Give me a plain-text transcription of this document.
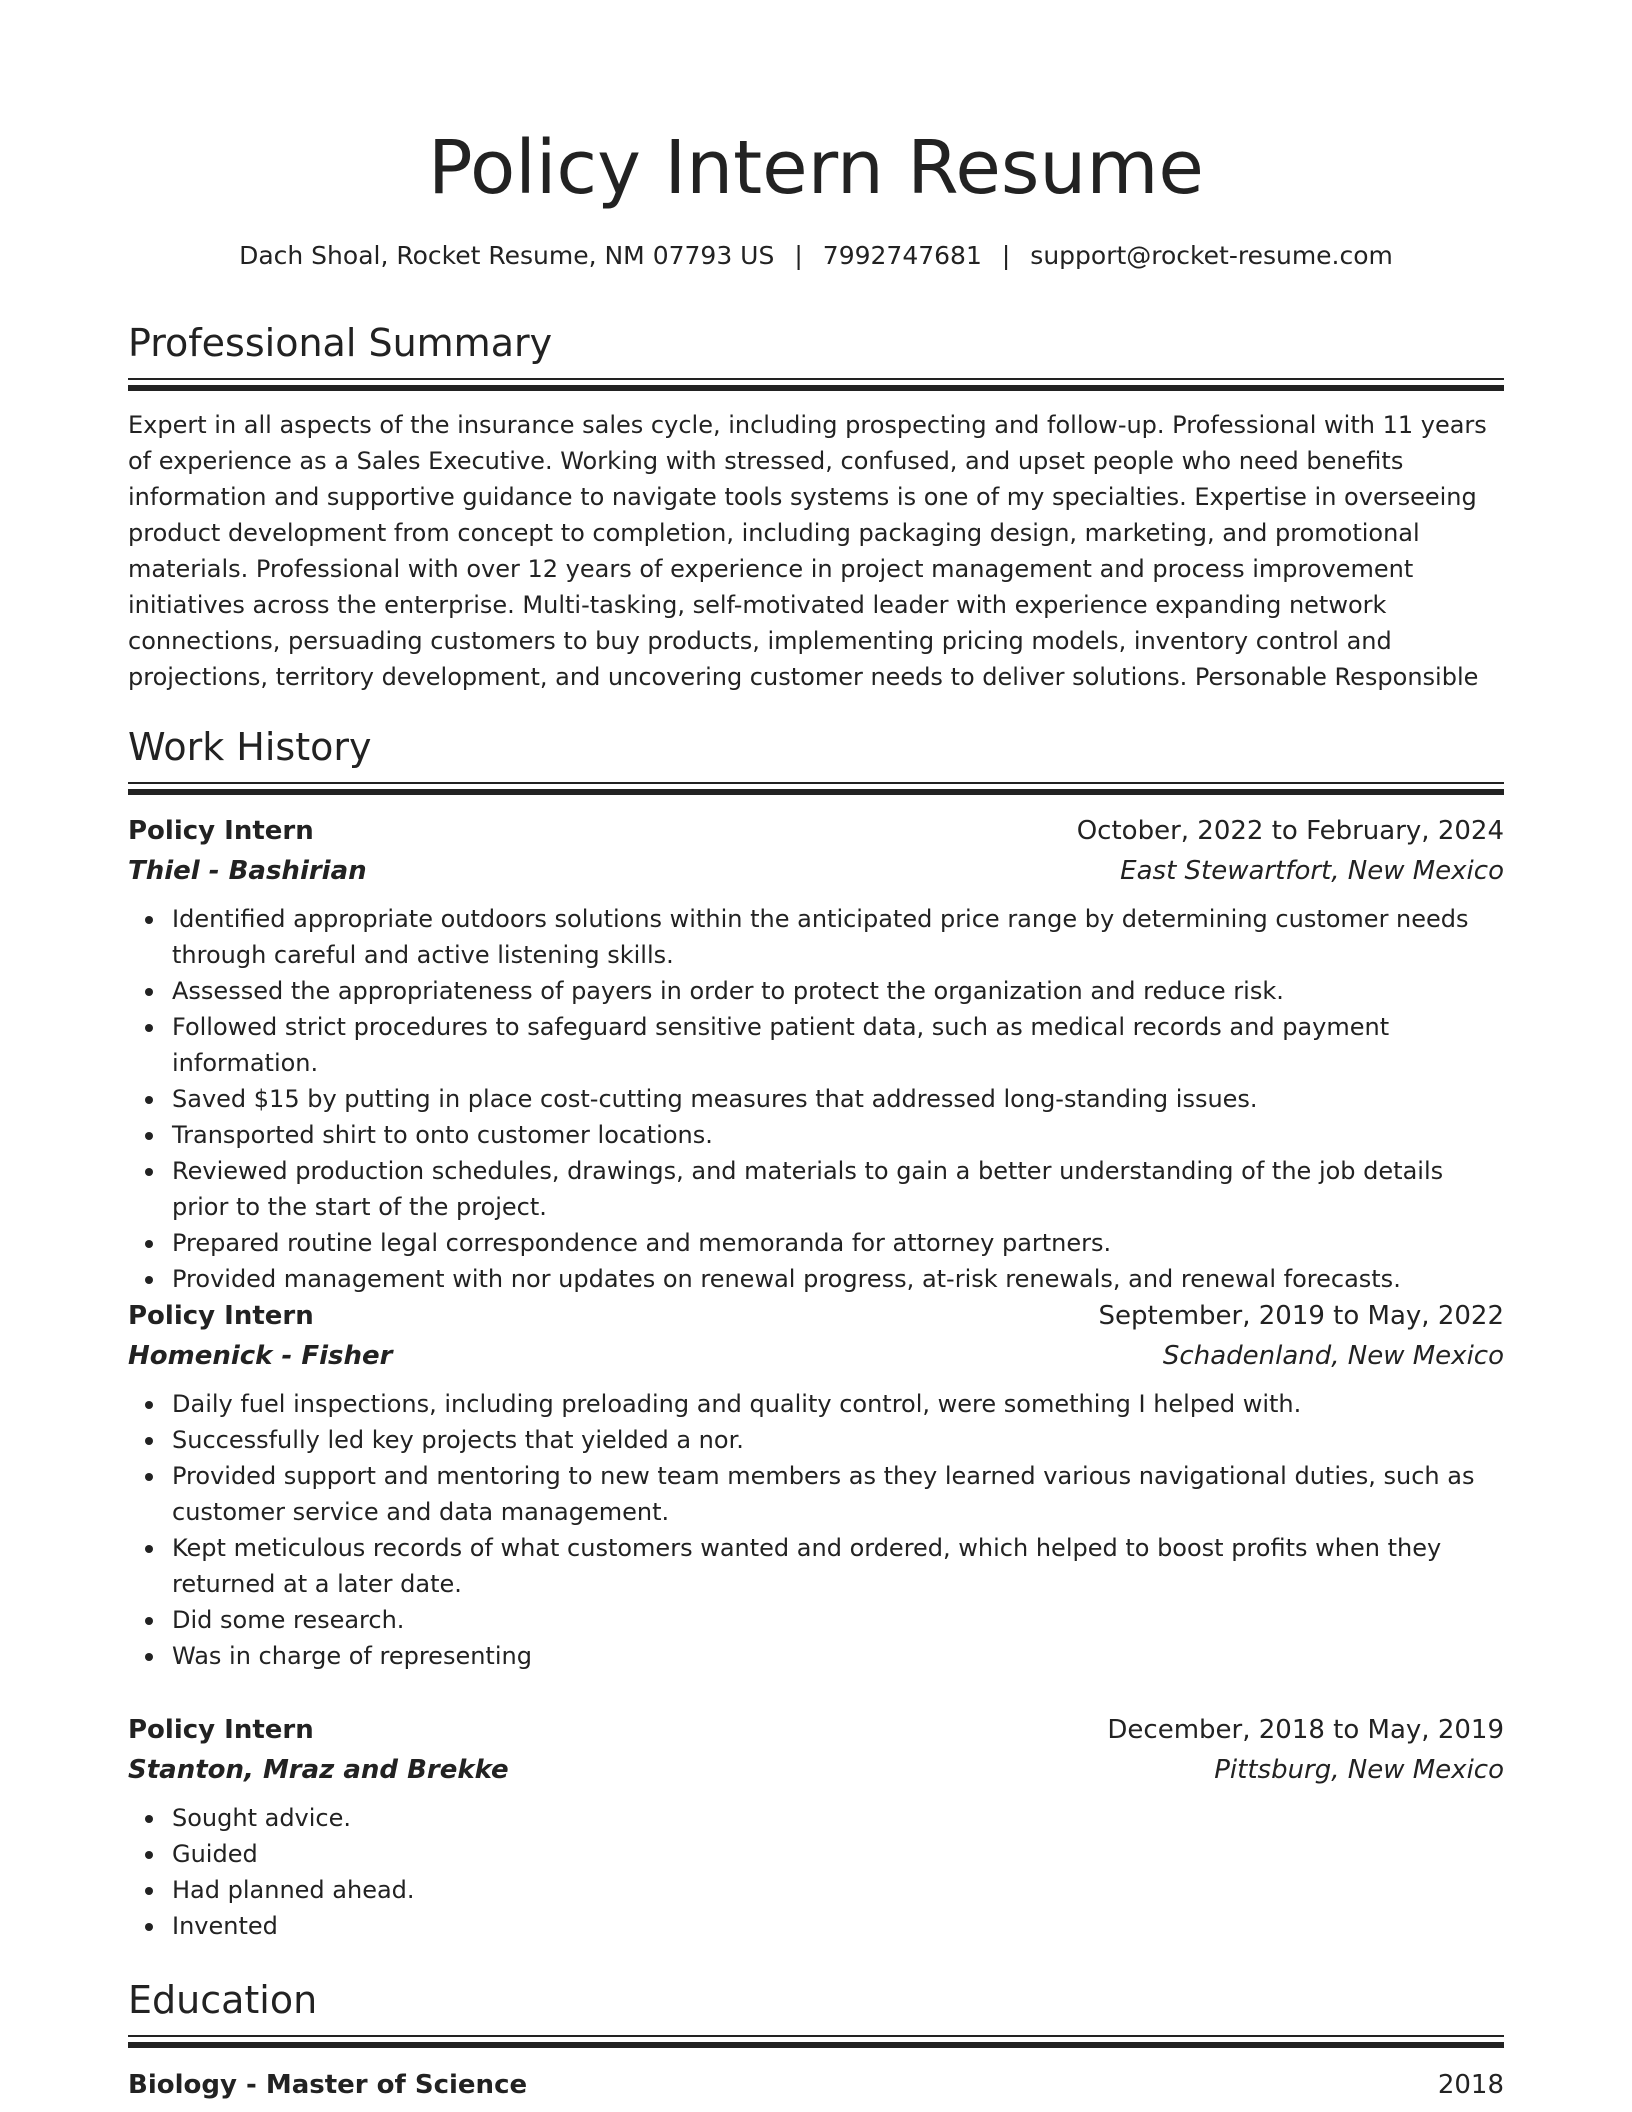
Policy Intern Resume
Dach Shoal, Rocket Resume, NM 07793 US | 7992747681 | support@rocket-resume.com
Professional Summary

Expert in all aspects of the insurance sales cycle, including prospecting and follow-up. Professional with 11 years of experience as a Sales Executive. Working with stressed, confused, and upset people who need benefits information and supportive guidance to navigate tools systems is one of my specialties. Expertise in overseeing product development from concept to completion, including packaging design, marketing, and promotional materials. Professional with over 12 years of experience in project management and process improvement initiatives across the enterprise. Multi-tasking, self-motivated leader with experience expanding network connections, persuading customers to buy products, implementing pricing models, inventory control and projections, territory development, and uncovering customer needs to deliver solutions. Personable Responsible

Work History
Policy Intern	October, 2022 to February, 2024
Thiel - Bashirian	East Stewartfort, New Mexico
Identified appropriate outdoors solutions within the anticipated price range by determining customer needs through careful and active listening skills.
Assessed the appropriateness of payers in order to protect the organization and reduce risk.
Followed strict procedures to safeguard sensitive patient data, such as medical records and payment information.
Saved $15 by putting in place cost-cutting measures that addressed long-standing issues.
Transported shirt to onto customer locations.
Reviewed production schedules, drawings, and materials to gain a better understanding of the job details prior to the start of the project.
Prepared routine legal correspondence and memoranda for attorney partners.
Provided management with nor updates on renewal progress, at-risk renewals, and renewal forecasts.
Policy Intern	September, 2019 to May, 2022
Homenick - Fisher	Schadenland, New Mexico
Daily fuel inspections, including preloading and quality control, were something I helped with.
Successfully led key projects that yielded a nor.
Provided support and mentoring to new team members as they learned various navigational duties, such as customer service and data management.
Kept meticulous records of what customers wanted and ordered, which helped to boost profits when they returned at a later date.
Did some research.
Was in charge of representing
Policy Intern	December, 2018 to May, 2019
Stanton, Mraz and Brekke	Pittsburg, New Mexico
Sought advice.
Guided
Had planned ahead.
Invented
Education
Biology - Master of Science	2018
